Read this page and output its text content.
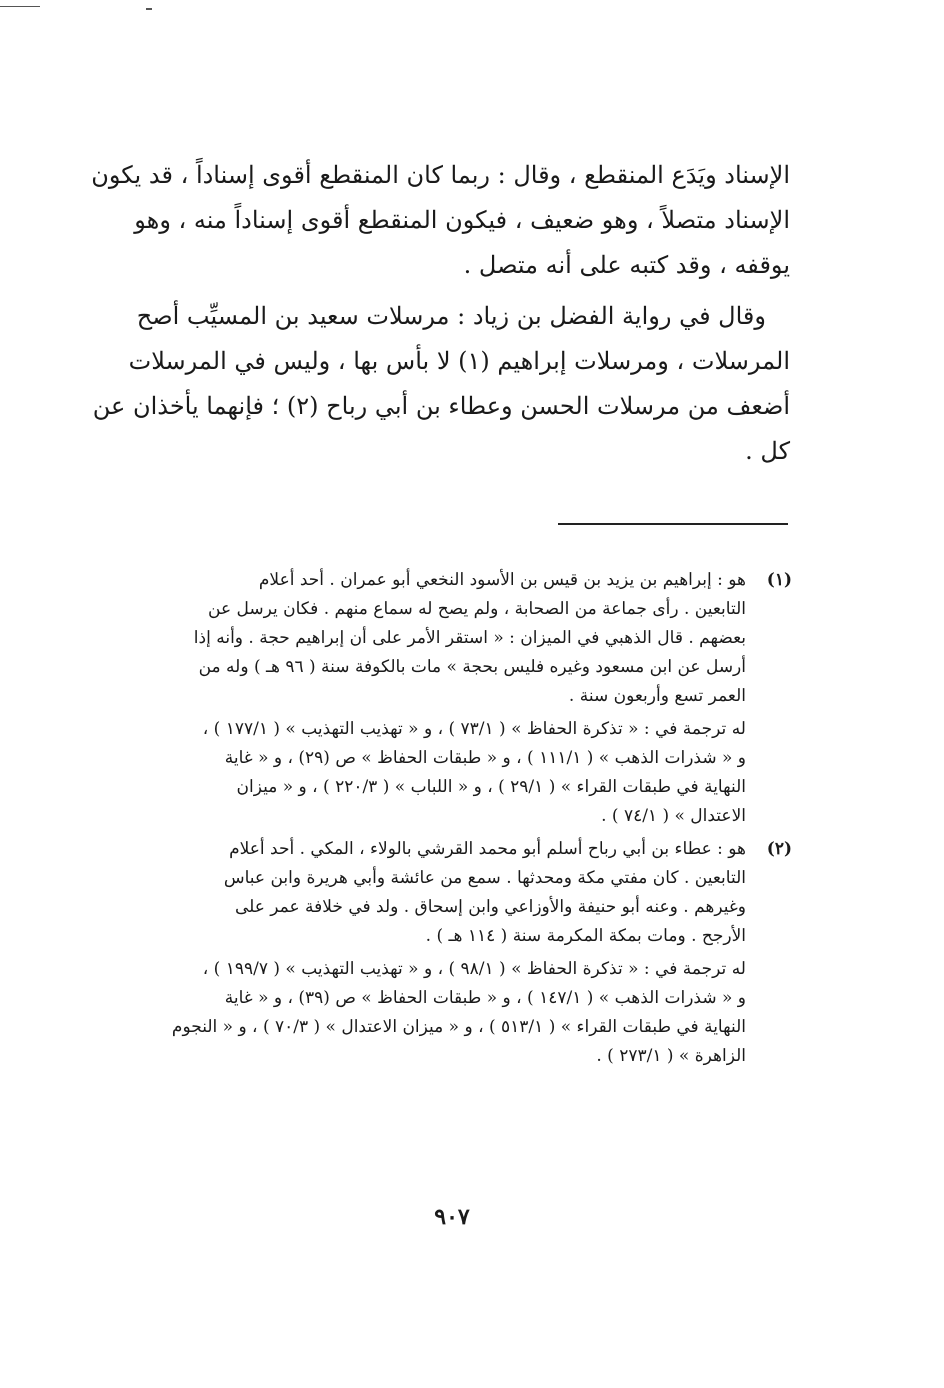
الإسناد ويَدَع المنقطع ، وقال : ربما كان المنقطع أقوى إسناداً ، قد يكون
الإسناد متصلاً ، وهو ضعيف ، فيكون المنقطع أقوى إسناداً منه ، وهو
يوقفه ، وقد كتبه على أنه متصل .
وقال في رواية الفضل بن زياد : مرسلات سعيد بن المسيِّب أصح
المرسلات ، ومرسلات إبراهيم (١) لا بأس بها ، وليس في المرسلات
أضعف من مرسلات الحسن وعطاء بن أبي رباح (٢) ؛ فإنهما يأخذان عن
كل .
(١)
هو : إبراهيم بن يزيد بن قيس بن الأسود النخعي أبو عمران . أحد أعلام
التابعين . رأى جماعة من الصحابة ، ولم يصح له سماع منهم . فكان يرسل عن
بعضهم . قال الذهبي في الميزان : « استقر الأمر على أن إبراهيم حجة . وأنه إذا
أرسل عن ابن مسعود وغيره فليس بحجة » مات بالكوفة سنة ( ٩٦ هـ ) وله من
العمر تسع وأربعون سنة .
له ترجمة في : « تذكرة الحفاظ » ( ٧٣/١ ) ، و « تهذيب التهذيب » ( ١٧٧/١ ) ،
و « شذرات الذهب » ( ١١١/١ ) ، و « طبقات الحفاظ » ص (٢٩) ، و « غاية
النهاية في طبقات القراء » ( ٢٩/١ ) ، و « اللباب » ( ٢٢٠/٣ ) ، و « ميزان
الاعتدال » ( ٧٤/١ ) .
(٢)
هو : عطاء بن أبي رباح أسلم أبو محمد القرشي بالولاء ، المكي . أحد أعلام
التابعين . كان مفتي مكة ومحدثها . سمع من عائشة وأبي هريرة وابن عباس
وغيرهم . وعنه أبو حنيفة والأوزاعي وابن إسحاق . ولد في خلافة عمر على
الأرجح . ومات بمكة المكرمة سنة ( ١١٤ هـ ) .
له ترجمة في : « تذكرة الحفاظ » ( ٩٨/١ ) ، و « تهذيب التهذيب » ( ١٩٩/٧ ) ،
و « شذرات الذهب » ( ١٤٧/١ ) ، و « طبقات الحفاظ » ص (٣٩) ، و « غاية
النهاية في طبقات القراء » ( ٥١٣/١ ) ، و « ميزان الاعتدال » ( ٧٠/٣ ) ، و « النجوم
الزاهرة » ( ٢٧٣/١ ) .
٩٠٧
